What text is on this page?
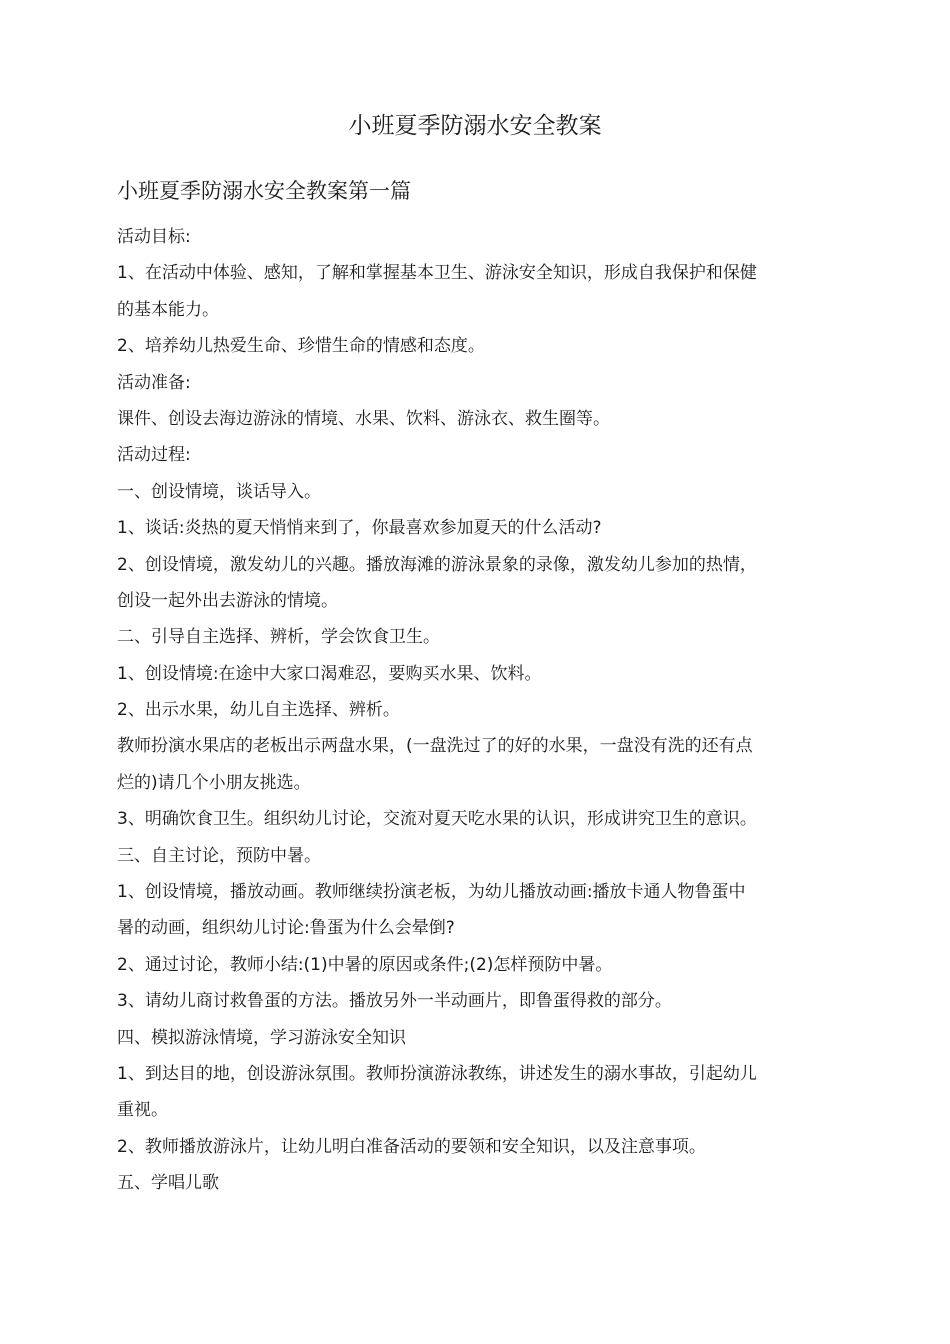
小班夏季防溺水安全教案
小班夏季防溺水安全教案第一篇
活动目标:
1、在活动中体验、感知，了解和掌握基本卫生、游泳安全知识，形成自我保护和保健
的基本能力。
2、培养幼儿热爱生命、珍惜生命的情感和态度。
活动准备:
课件、创设去海边游泳的情境、水果、饮料、游泳衣、救生圈等。
活动过程:
一、创设情境，谈话导入。
1、谈话:炎热的夏天悄悄来到了，你最喜欢参加夏天的什么活动?
2、创设情境，激发幼儿的兴趣。播放海滩的游泳景象的录像，激发幼儿参加的热情，
创设一起外出去游泳的情境。
二、引导自主选择、辨析，学会饮食卫生。
1、创设情境:在途中大家口渴难忍，要购买水果、饮料。
2、出示水果，幼儿自主选择、辨析。
教师扮演水果店的老板出示两盘水果，(一盘洗过了的好的水果，一盘没有洗的还有点
烂的)请几个小朋友挑选。
3、明确饮食卫生。组织幼儿讨论，交流对夏天吃水果的认识，形成讲究卫生的意识。
三、自主讨论，预防中暑。
1、创设情境，播放动画。教师继续扮演老板，为幼儿播放动画:播放卡通人物鲁蛋中
暑的动画，组织幼儿讨论:鲁蛋为什么会晕倒?
2、通过讨论，教师小结:(1)中暑的原因或条件;(2)怎样预防中暑。
3、请幼儿商讨救鲁蛋的方法。播放另外一半动画片，即鲁蛋得救的部分。
四、模拟游泳情境，学习游泳安全知识
1、到达目的地，创设游泳氛围。教师扮演游泳教练，讲述发生的溺水事故，引起幼儿
重视。
2、教师播放游泳片，让幼儿明白准备活动的要领和安全知识，以及注意事项。
五、学唱儿歌
